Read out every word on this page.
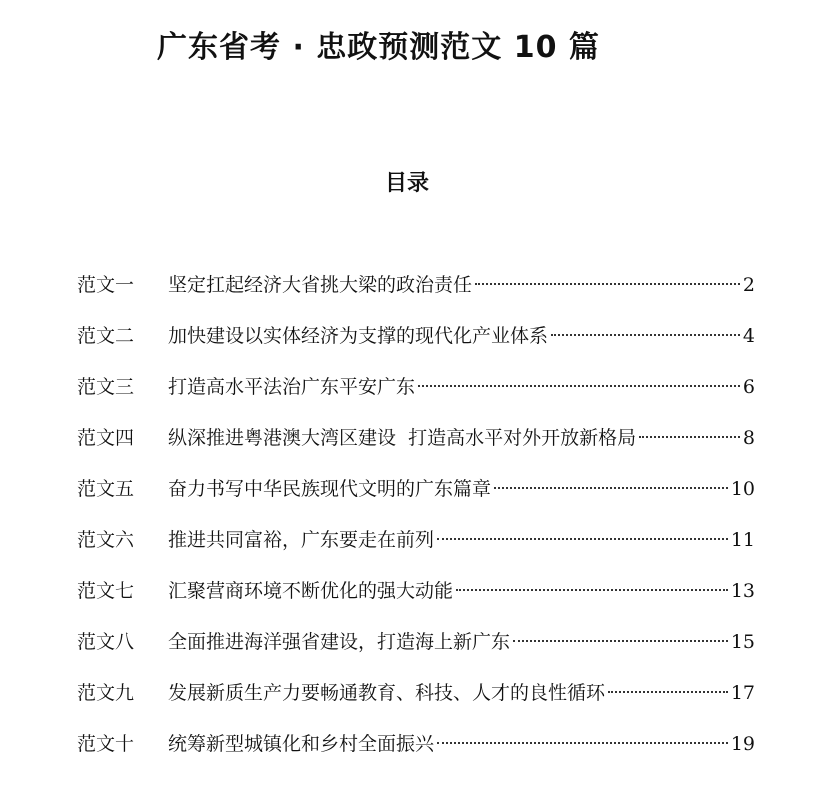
广东省考 · 忠政预测范文 10 篇
目录
范文一	坚定扛起经济大省挑大梁的政治责任	2
范文二	加快建设以实体经济为支撑的现代化产业体系	4
范文三	打造高水平法治广东平安广东	6
范文四	纵深推进粤港澳大湾区建设  打造高水平对外开放新格局	8
范文五	奋力书写中华民族现代文明的广东篇章	10
范文六	推进共同富裕，广东要走在前列	11
范文七	汇聚营商环境不断优化的强大动能	13
范文八	全面推进海洋强省建设，打造海上新广东	15
范文九	发展新质生产力要畅通教育、科技、人才的良性循环	17
范文十	统筹新型城镇化和乡村全面振兴	19
